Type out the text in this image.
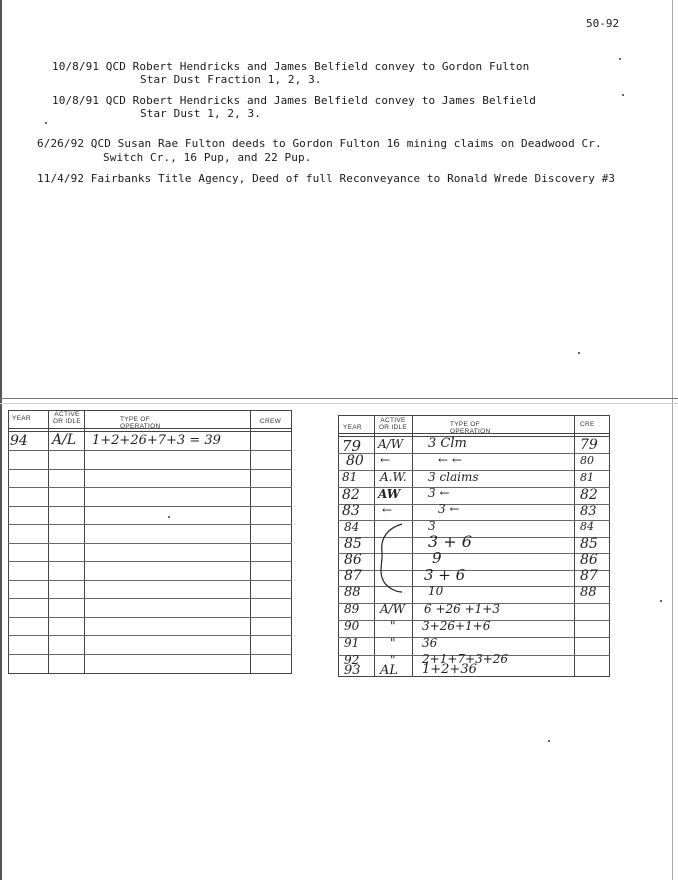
50-92
10/8/91 QCD Robert Hendricks and James Belfield convey to Gordon Fulton
Star Dust Fraction 1, 2, 3.
10/8/91 QCD Robert Hendricks and James Belfield convey to James Belfield
Star Dust 1, 2, 3.
6/26/92 QCD Susan Rae Fulton deeds to Gordon Fulton 16 mining claims on Deadwood Cr.
Switch Cr., 16 Pup, and 22 Pup.
11/4/92 Fairbanks Title Agency, Deed of full Reconveyance to Ronald Wrede Discovery #3
YEAR
ACTIVE OR IDLE	TYPE OF OPERATION
CREW
94 A/L 1+2+26+7+3 = 39
YEAR
ACTIVE OR IDLE	TYPE OF OPERATION
CRE
79 A/W 3 Clm	79
80 ←	← ←	80
81 A.W. 3 claims	81
82 AW 3 ←	82
83 ←	3 ←	83
84	3	84
85	3 + 6	85
86	9	86
87	3 + 6	87
88	10	88
89 A/W 6 +26 +1+3
90	" 3+26+1+6
91	" 36
92	" 2+1+7+3+26
93 AL 1+2+36
